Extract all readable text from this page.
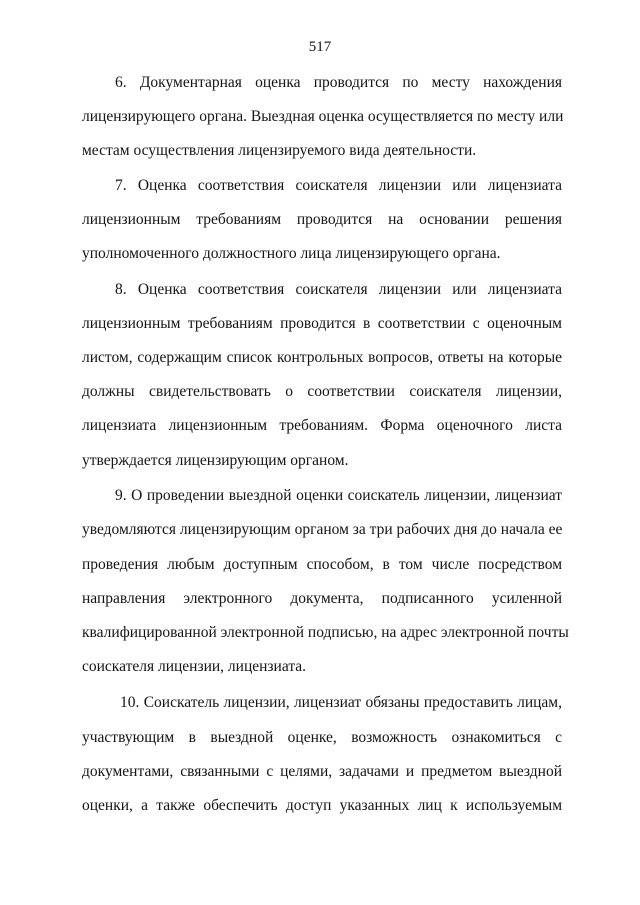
517
6. Документарная оценка проводится по месту нахождения
лицензирующего органа. Выездная оценка осуществляется по месту или
местам осуществления лицензируемого вида деятельности.
7. Оценка соответствия соискателя лицензии или лицензиата
лицензионным требованиям проводится на основании решения
уполномоченного должностного лица лицензирующего органа.
8. Оценка соответствия соискателя лицензии или лицензиата
лицензионным требованиям проводится в соответствии с оценочным
листом, содержащим список контрольных вопросов, ответы на которые
должны свидетельствовать о соответствии соискателя лицензии,
лицензиата лицензионным требованиям. Форма оценочного листа
утверждается лицензирующим органом.
9. О проведении выездной оценки соискатель лицензии, лицензиат
уведомляются лицензирующим органом за три рабочих дня до начала ее
проведения любым доступным способом, в том числе посредством
направления электронного документа, подписанного усиленной
квалифицированной электронной подписью, на адрес электронной почты
соискателя лицензии, лицензиата.
10. Соискатель лицензии, лицензиат обязаны предоставить лицам,
участвующим в выездной оценке, возможность ознакомиться с
документами, связанными с целями, задачами и предметом выездной
оценки, а также обеспечить доступ указанных лиц к используемым
